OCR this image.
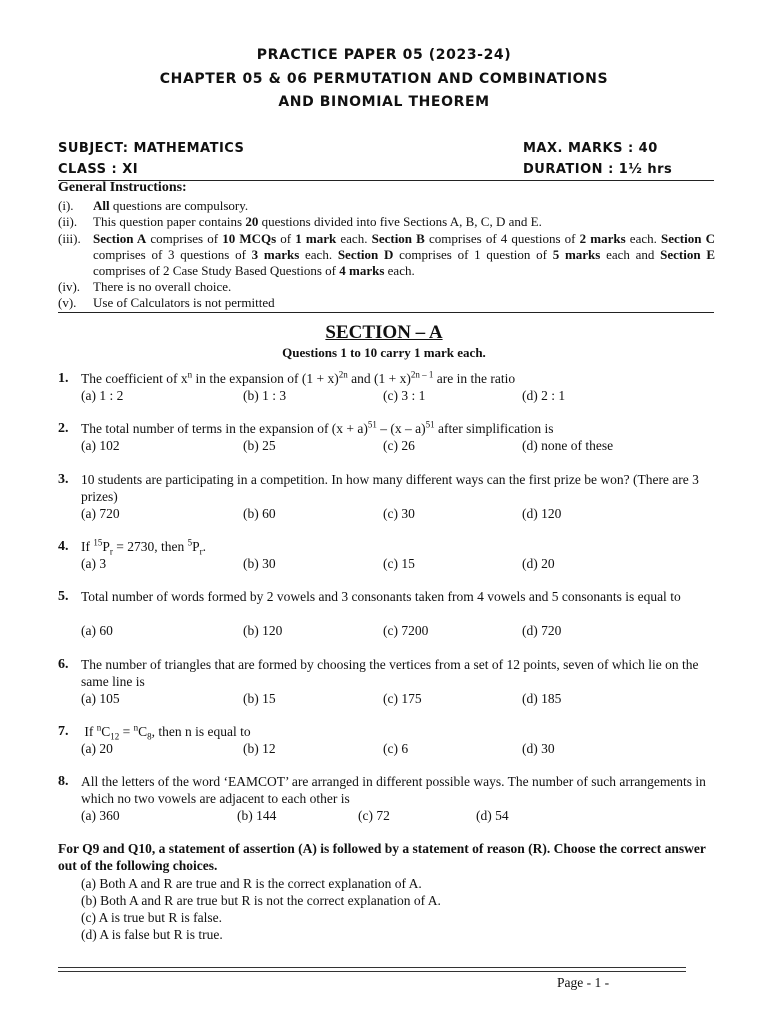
PRACTICE PAPER 05 (2023-24)
CHAPTER 05 & 06 PERMUTATION AND COMBINATIONS
AND BINOMIAL THEOREM
SUBJECT: MATHEMATICS	MAX. MARKS : 40
CLASS : XI	DURATION : 1½ hrs
General Instructions:
(i). All questions are compulsory.
(ii). This question paper contains 20 questions divided into five Sections A, B, C, D and E.
(iii). Section A comprises of 10 MCQs of 1 mark each. Section B comprises of 4 questions of 2 marks each. Section C comprises of 3 questions of 3 marks each. Section D comprises of 1 question of 5 marks each and Section E comprises of 2 Case Study Based Questions of 4 marks each.
(iv). There is no overall choice.
(v). Use of Calculators is not permitted
SECTION – A
Questions 1 to 10 carry 1 mark each.
1. The coefficient of $x^n$ in the expansion of $(1 + x)^{2n}$ and $(1 + x)^{2n - 1}$ are in the ratio
(a) 1 : 2	(b) 1 : 3	(c) 3 : 1	(d) 2 : 1
2. The total number of terms in the expansion of $(x + a)^{51} - (x - a)^{51}$ after simplification is
(a) 102	(b) 25	(c) 26	(d) none of these
3. 10 students are participating in a competition. In how many different ways can the first prize be won? (There are 3 prizes)
(a) 720	(b) 60	(c) 30	(d) 120
4. If $^{15}P_r = 2730$, then $^5P_r$.
(a) 3	(b) 30	(c) 15	(d) 20
5. Total number of words formed by 2 vowels and 3 consonants taken from 4 vowels and 5 consonants is equal to
(a) 60	(b) 120	(c) 7200	(d) 720
6. The number of triangles that are formed by choosing the vertices from a set of 12 points, seven of which lie on the same line is
(a) 105	(b) 15	(c) 175	(d) 185
7. If $^nC_{12} = ^nC_8$, then n is equal to
(a) 20	(b) 12	(c) 6	(d) 30
8. All the letters of the word ‘EAMCOT’ are arranged in different possible ways. The number of such arrangements in which no two vowels are adjacent to each other is
(a) 360	(b) 144	(c) 72	(d) 54
For Q9 and Q10, a statement of assertion (A) is followed by a statement of reason (R). Choose the correct answer out of the following choices.
(a) Both A and R are true and R is the correct explanation of A.
(b) Both A and R are true but R is not the correct explanation of A.
(c) A is true but R is false.
(d) A is false but R is true.
Page - 1 -
